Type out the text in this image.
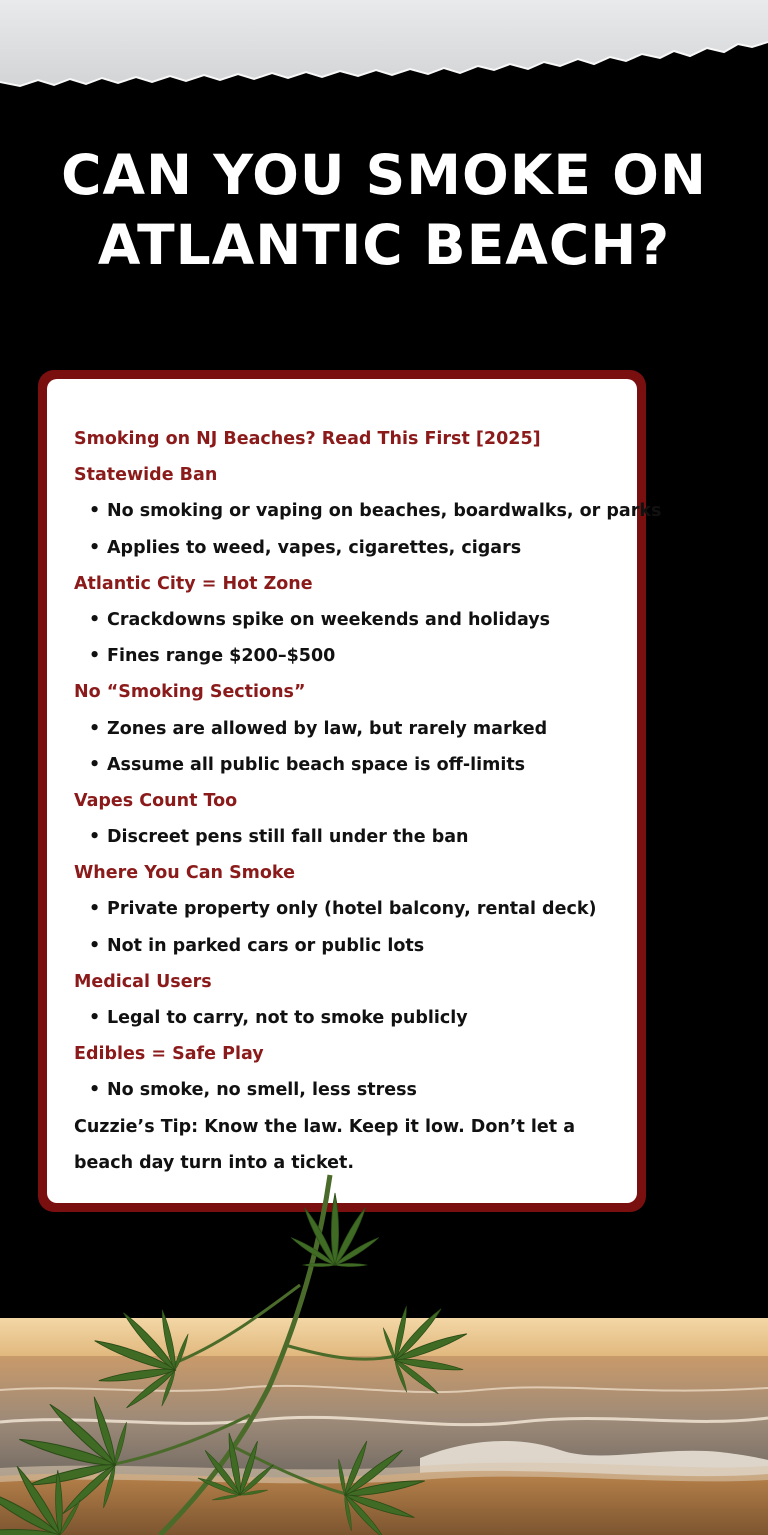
CAN YOU SMOKE ON
ATLANTIC BEACH?
Smoking on NJ Beaches? Read This First [2025]
Statewide Ban
• No smoking or vaping on beaches, boardwalks, or parks
• Applies to weed, vapes, cigarettes, cigars
Atlantic City = Hot Zone
• Crackdowns spike on weekends and holidays
• Fines range $200–$500
No “Smoking Sections”
• Zones are allowed by law, but rarely marked
• Assume all public beach space is off-limits
Vapes Count Too
• Discreet pens still fall under the ban
Where You Can Smoke
• Private property only (hotel balcony, rental deck)
• Not in parked cars or public lots
Medical Users
• Legal to carry, not to smoke publicly
Edibles = Safe Play
• No smoke, no smell, less stress
Cuzzie’s Tip: Know the law. Keep it low. Don’t let a beach day turn into a ticket.
